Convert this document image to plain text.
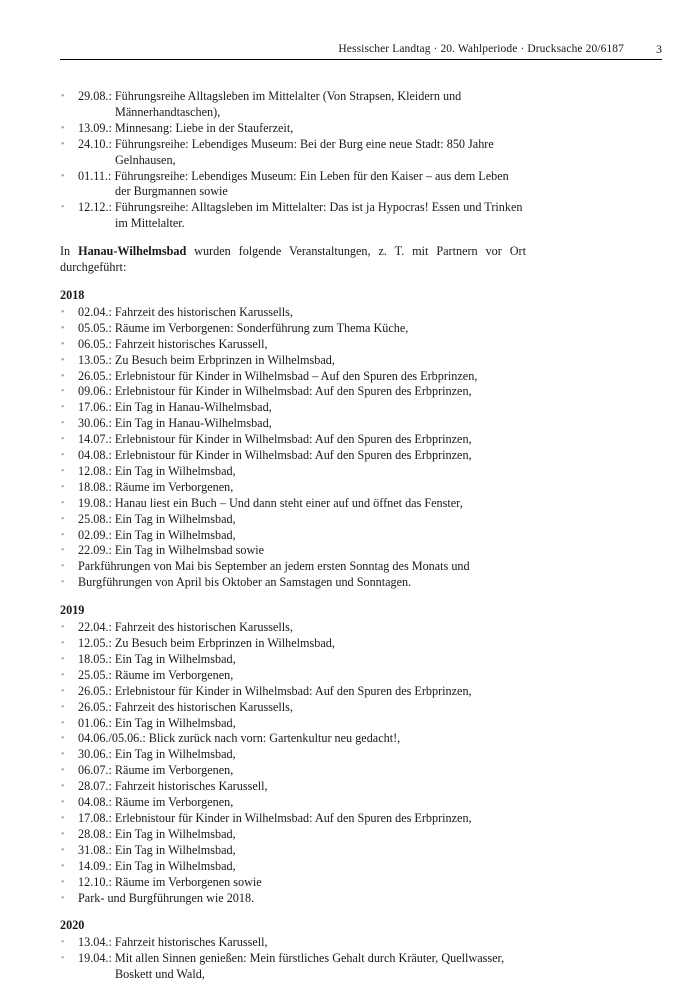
Hessischer Landtag · 20. Wahlperiode · Drucksache 20/6187	3
• 29.08.: Führungsreihe Alltagsleben im Mittelalter (Von Strapsen, Kleidern und Männerhandtaschen),
• 13.09.: Minnesang: Liebe in der Stauferzeit,
• 24.10.: Führungsreihe: Lebendiges Museum: Bei der Burg eine neue Stadt: 850 Jahre Gelnhausen,
• 01.11.: Führungsreihe: Lebendiges Museum: Ein Leben für den Kaiser – aus dem Leben der Burgmannen sowie
• 12.12.: Führungsreihe: Alltagsleben im Mittelalter: Das ist ja Hypocras! Essen und Trinken im Mittelalter.

In Hanau-Wilhelmsbad wurden folgende Veranstaltungen, z. T. mit Partnern vor Ort durchgeführt:

2018
• 02.04.: Fahrzeit des historischen Karussells,
• 05.05.: Räume im Verborgenen: Sonderführung zum Thema Küche,
• 06.05.: Fahrzeit historisches Karussell,
• 13.05.: Zu Besuch beim Erbprinzen in Wilhelmsbad,
• 26.05.: Erlebnistour für Kinder in Wilhelmsbad – Auf den Spuren des Erbprinzen,
• 09.06.: Erlebnistour für Kinder in Wilhelmsbad: Auf den Spuren des Erbprinzen,
• 17.06.: Ein Tag in Hanau-Wilhelmsbad,
• 30.06.: Ein Tag in Hanau-Wilhelmsbad,
• 14.07.: Erlebnistour für Kinder in Wilhelmsbad: Auf den Spuren des Erbprinzen,
• 04.08.: Erlebnistour für Kinder in Wilhelmsbad: Auf den Spuren des Erbprinzen,
• 12.08.: Ein Tag in Wilhelmsbad,
• 18.08.: Räume im Verborgenen,
• 19.08.: Hanau liest ein Buch – Und dann steht einer auf und öffnet das Fenster,
• 25.08.: Ein Tag in Wilhelmsbad,
• 02.09.: Ein Tag in Wilhelmsbad,
• 22.09.: Ein Tag in Wilhelmsbad sowie
• Parkführungen von Mai bis September an jedem ersten Sonntag des Monats und
• Burgführungen von April bis Oktober an Samstagen und Sonntagen.
2019
• 22.04.: Fahrzeit des historischen Karussells,
• 12.05.: Zu Besuch beim Erbprinzen in Wilhelmsbad,
• 18.05.: Ein Tag in Wilhelmsbad,
• 25.05.: Räume im Verborgenen,
• 26.05.: Erlebnistour für Kinder in Wilhelmsbad: Auf den Spuren des Erbprinzen,
• 26.05.: Fahrzeit des historischen Karussells,
• 01.06.: Ein Tag in Wilhelmsbad,
• 04.06./05.06.: Blick zurück nach vorn: Gartenkultur neu gedacht!,
• 30.06.: Ein Tag in Wilhelmsbad,
• 06.07.: Räume im Verborgenen,
• 28.07.: Fahrzeit historisches Karussell,
• 04.08.: Räume im Verborgenen,
• 17.08.: Erlebnistour für Kinder in Wilhelmsbad: Auf den Spuren des Erbprinzen,
• 28.08.: Ein Tag in Wilhelmsbad,
• 31.08.: Ein Tag in Wilhelmsbad,
• 14.09.: Ein Tag in Wilhelmsbad,
• 12.10.: Räume im Verborgenen sowie
• Park- und Burgführungen wie 2018.
2020
• 13.04.: Fahrzeit historisches Karussell,
• 19.04.: Mit allen Sinnen genießen: Mein fürstliches Gehalt durch Kräuter, Quellwasser, Boskett und Wald,
